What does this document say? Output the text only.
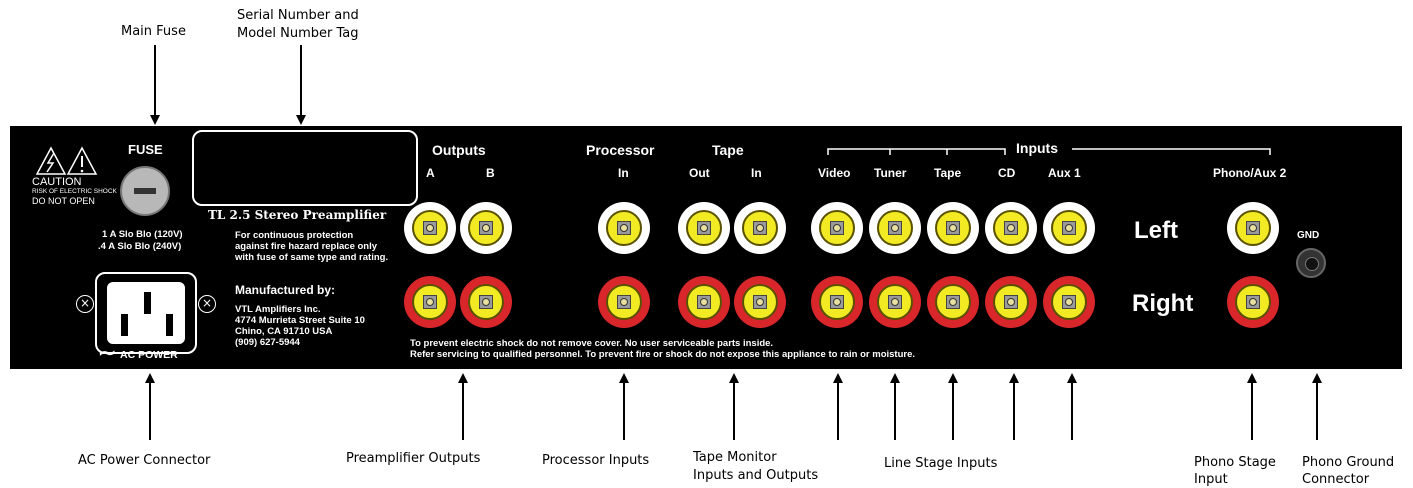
Main Fuse
Serial Number and
Model Number Tag
CAUTION
RISK OF ELECTRIC SHOCK
DO NOT OPEN
FUSE
1 A Slo Blo (120V)
.4 A Slo Blo (240V)
×	×
∼ AC POWER
TL 2.5 Stereo Preamplifier
For continuous protection
against fire hazard replace only
with fuse of same type and rating.
Manufactured by:
VTL Amplifiers Inc.
4774 Murrieta Street Suite 10
Chino, CA 91710 USA
(909) 627-5944	To prevent electric shock do not remove cover. No user serviceable parts inside.
Refer servicing to qualified personnel. To prevent fire or shock do not expose this appliance to rain or moisture.
Outputs
A	B
Processor
In
Tape
Out	In
Inputs
Video Tuner Tape	CD	Aux 1	Phono/Aux 2
Left
Right
GND
AC Power Connector	Preamplifier Outputs	Processor Inputs	Tape Monitor
Inputs and Outputs
Line Stage Inputs	Phono Stage
Input
Phono Ground
Connector
